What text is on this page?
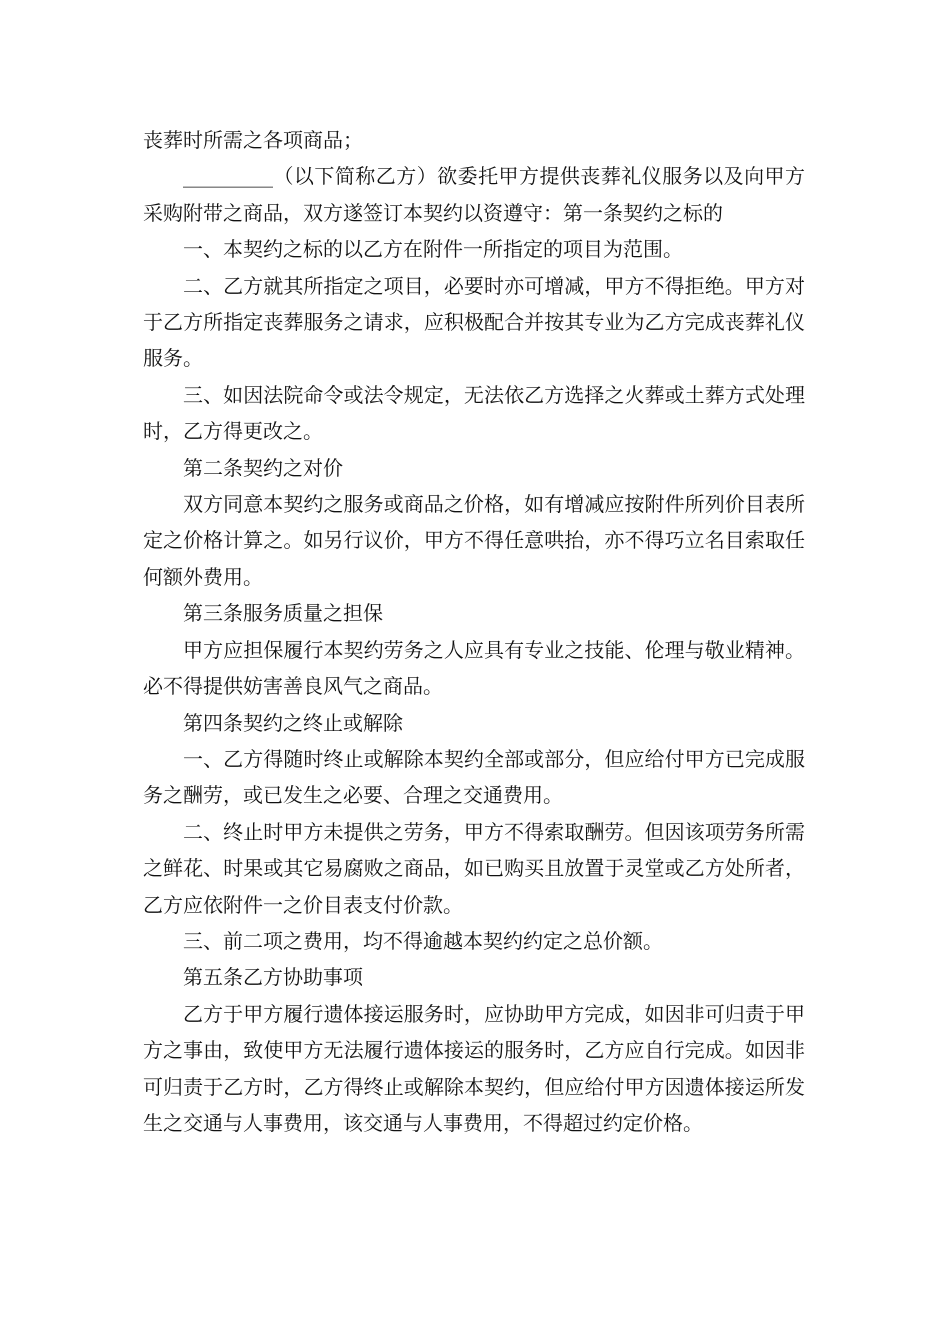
丧葬时所需之各项商品；

_________（以下简称乙方）欲委托甲方提供丧葬礼仪服务以及向甲方采购附带之商品，双方遂签订本契约以资遵守：第一条契约之标的

一、本契约之标的以乙方在附件一所指定的项目为范围。

二、乙方就其所指定之项目，必要时亦可增减，甲方不得拒绝。甲方对于乙方所指定丧葬服务之请求，应积极配合并按其专业为乙方完成丧葬礼仪服务。

三、如因法院命令或法令规定，无法依乙方选择之火葬或土葬方式处理时，乙方得更改之。

第二条契约之对价

双方同意本契约之服务或商品之价格，如有增减应按附件所列价目表所定之价格计算之。如另行议价，甲方不得任意哄抬，亦不得巧立名目索取任何额外费用。

第三条服务质量之担保

甲方应担保履行本契约劳务之人应具有专业之技能、伦理与敬业精神。必不得提供妨害善良风气之商品。

第四条契约之终止或解除

一、乙方得随时终止或解除本契约全部或部分，但应给付甲方已完成服务之酬劳，或已发生之必要、合理之交通费用。

二、终止时甲方未提供之劳务，甲方不得索取酬劳。但因该项劳务所需之鲜花、时果或其它易腐败之商品，如已购买且放置于灵堂或乙方处所者，乙方应依附件一之价目表支付价款。

三、前二项之费用，均不得逾越本契约约定之总价额。

第五条乙方协助事项

乙方于甲方履行遗体接运服务时，应协助甲方完成，如因非可归责于甲方之事由，致使甲方无法履行遗体接运的服务时，乙方应自行完成。如因非可归责于乙方时，乙方得终止或解除本契约，但应给付甲方因遗体接运所发生之交通与人事费用，该交通与人事费用，不得超过约定价格。
